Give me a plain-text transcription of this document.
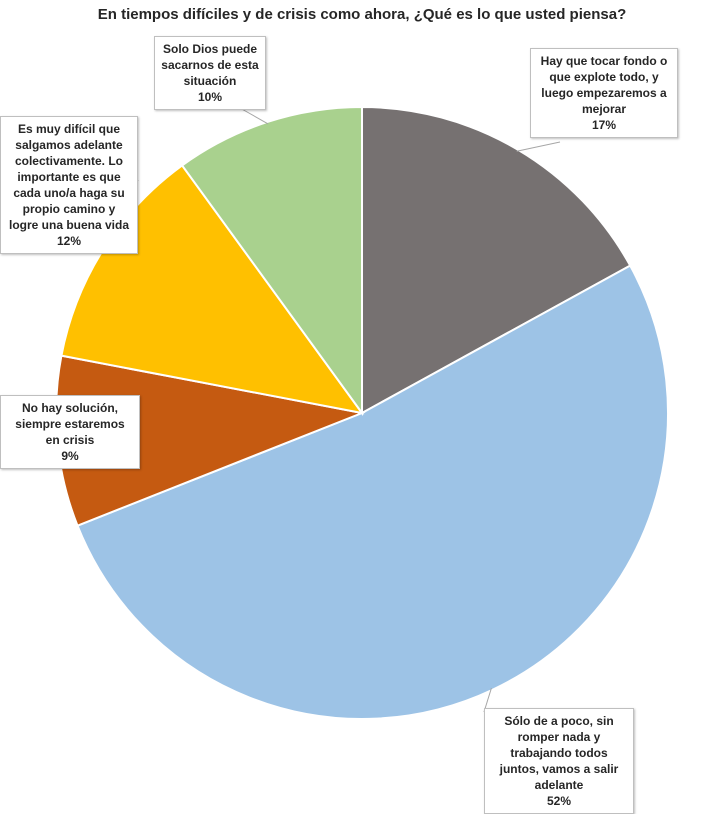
En tiempos difíciles y de crisis como ahora, ¿Qué es lo que usted piensa?
Hay que tocar fondo o que explote todo, y luego empezaremos a mejorar
17%
Sólo de a poco, sin romper nada y trabajando todos juntos, vamos a salir adelante
52%
No hay solución, siempre estaremos en crisis
9%
Es muy difícil que salgamos adelante colectivamente. Lo importante es que cada uno/a haga su propio camino y logre una buena vida
12%
Solo Dios puede sacarnos de esta situación
10%
